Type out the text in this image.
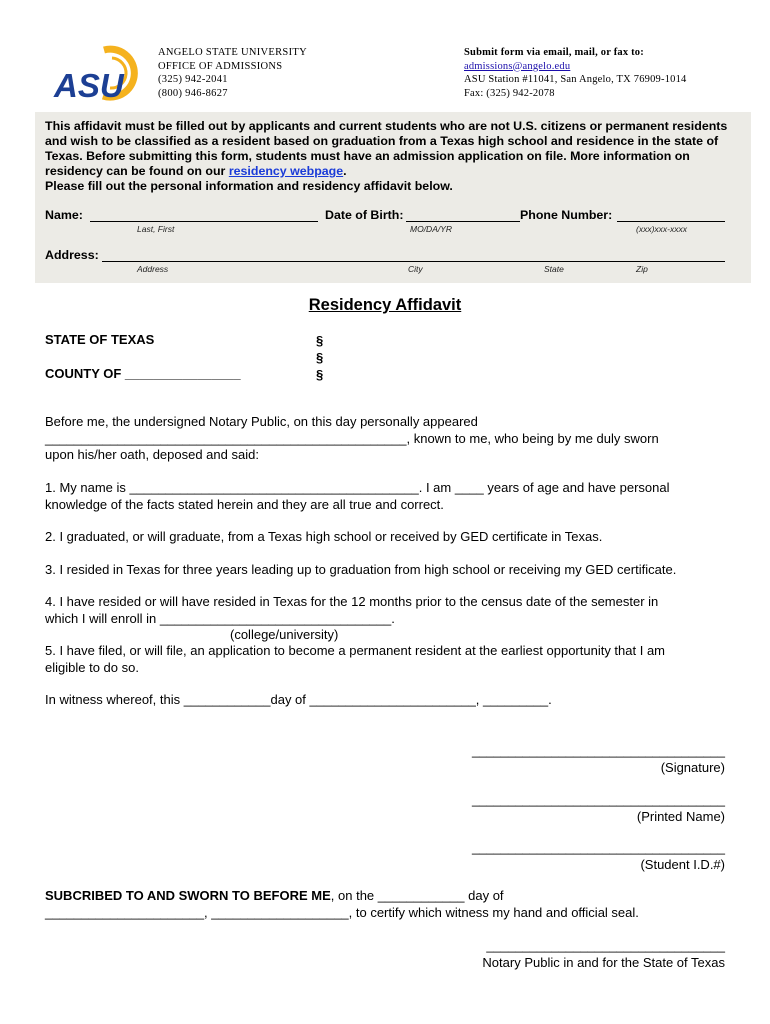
ASU
ANGELO STATE UNIVERSITY
OFFICE OF ADMISSIONS
(325) 942-2041
(800) 946-8627
Submit form via email, mail, or fax to:
admissions@angelo.edu
ASU Station #11041, San Angelo, TX 76909-1014
Fax: (325) 942-2078
This affidavit must be filled out by applicants and current students who are not U.S. citizens or permanent residents and wish to be classified as a resident based on graduation from a Texas high school and residence in the state of Texas. Before submitting this form, students must have an admission application on file. More information on residency can be found on our residency webpage.
Please fill out the personal information and residency affidavit below.
Name:
Last, First
Date of Birth:
MO/DA/YR
Phone Number:
(xxx)xxx-xxxx
Address:
Address	City	State	Zip
Residency Affidavit
STATE OF TEXAS
COUNTY OF ________________
§
§
§
Before me, the undersigned Notary Public, on this day personally appeared
__________________________________________________, known to me, who being by me duly sworn
upon his/her oath, deposed and said:
1. My name is ________________________________________. I am ____ years of age and have personal
knowledge of the facts stated herein and they are all true and correct.
2. I graduated, or will graduate, from a Texas high school or received by GED certificate in Texas.
3. I resided in Texas for three years leading up to graduation from high school or receiving my GED certificate.
4. I have resided or will have resided in Texas for the 12 months prior to the census date of the semester in
which I will enroll in ________________________________.
(college/university)
5. I have filed, or will file, an application to become a permanent resident at the earliest opportunity that I am
eligible to do so.
In witness whereof, this ____________day of _______________________, _________.
___________________________________
(Signature)
___________________________________
(Printed Name)
___________________________________
(Student I.D.#)
SUBCRIBED TO AND SWORN TO BEFORE ME, on the ____________ day of
______________________, ___________________, to certify which witness my hand and official seal.
_________________________________
Notary Public in and for the State of Texas
